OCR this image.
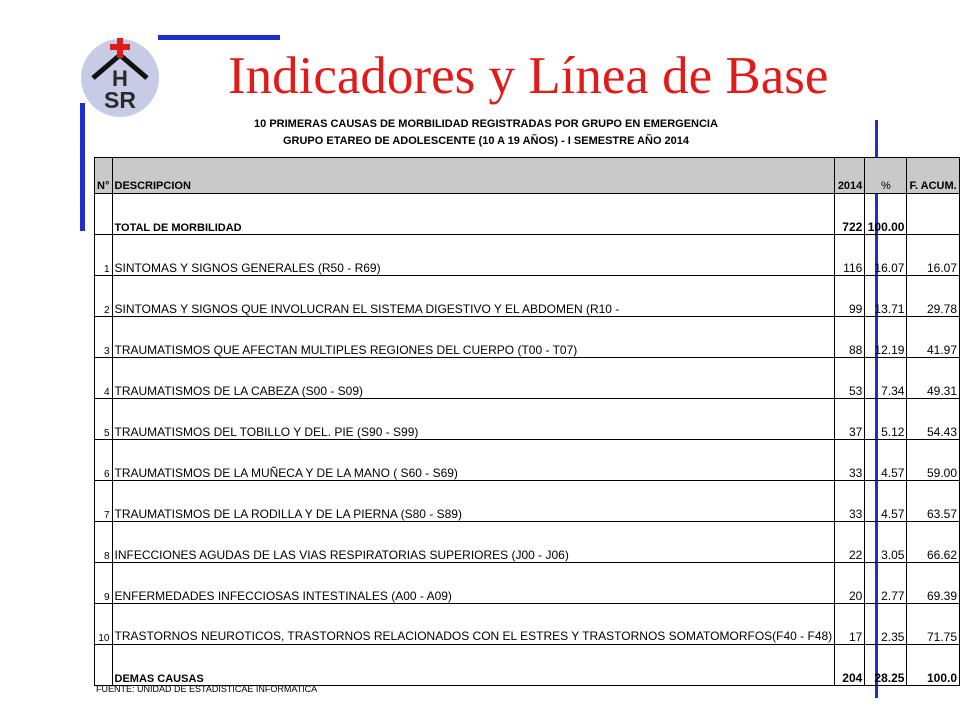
H
SR Indicadores y Línea de Base
10 PRIMERAS CAUSAS DE MORBILIDAD REGISTRADAS POR GRUPO EN EMERGENCIA
GRUPO ETAREO DE ADOLESCENTE (10 A 19 AÑOS) - I SEMESTRE AÑO 2014
N°	DESCRIPCION	2014	%	F. ACUM.
	TOTAL DE MORBILIDAD	722	100.00	
1	SINTOMAS Y SIGNOS GENERALES (R50 - R69)	116	16.07	16.07
2	SINTOMAS Y SIGNOS QUE INVOLUCRAN EL SISTEMA DIGESTIVO Y EL ABDOMEN (R10 -	99	13.71	29.78
3	TRAUMATISMOS QUE AFECTAN MULTIPLES REGIONES DEL CUERPO (T00 - T07)	88	12.19	41.97
4	TRAUMATISMOS DE LA CABEZA (S00 - S09)	53	7.34	49.31
5	TRAUMATISMOS DEL TOBILLO Y DEL. PIE (S90 - S99)	37	5.12	54.43
6	TRAUMATISMOS DE LA MUÑECA Y DE LA MANO ( S60 - S69)	33	4.57	59.00
7	TRAUMATISMOS DE LA RODILLA Y DE LA PIERNA (S80 - S89)	33	4.57	63.57
8	INFECCIONES AGUDAS DE LAS VIAS RESPIRATORIAS SUPERIORES (J00 - J06)	22	3.05	66.62
9	ENFERMEDADES INFECCIOSAS INTESTINALES (A00 - A09)	20	2.77	69.39
10	TRASTORNOS NEUROTICOS, TRASTORNOS RELACIONADOS CON EL ESTRES Y TRASTORNOS SOMATOMORFOS(F40 - F48)	17	2.35	71.75
	DEMAS CAUSAS	204	28.25	100.0
FUENTE: UNIDAD DE ESTADISTICAE INFORMATICA
